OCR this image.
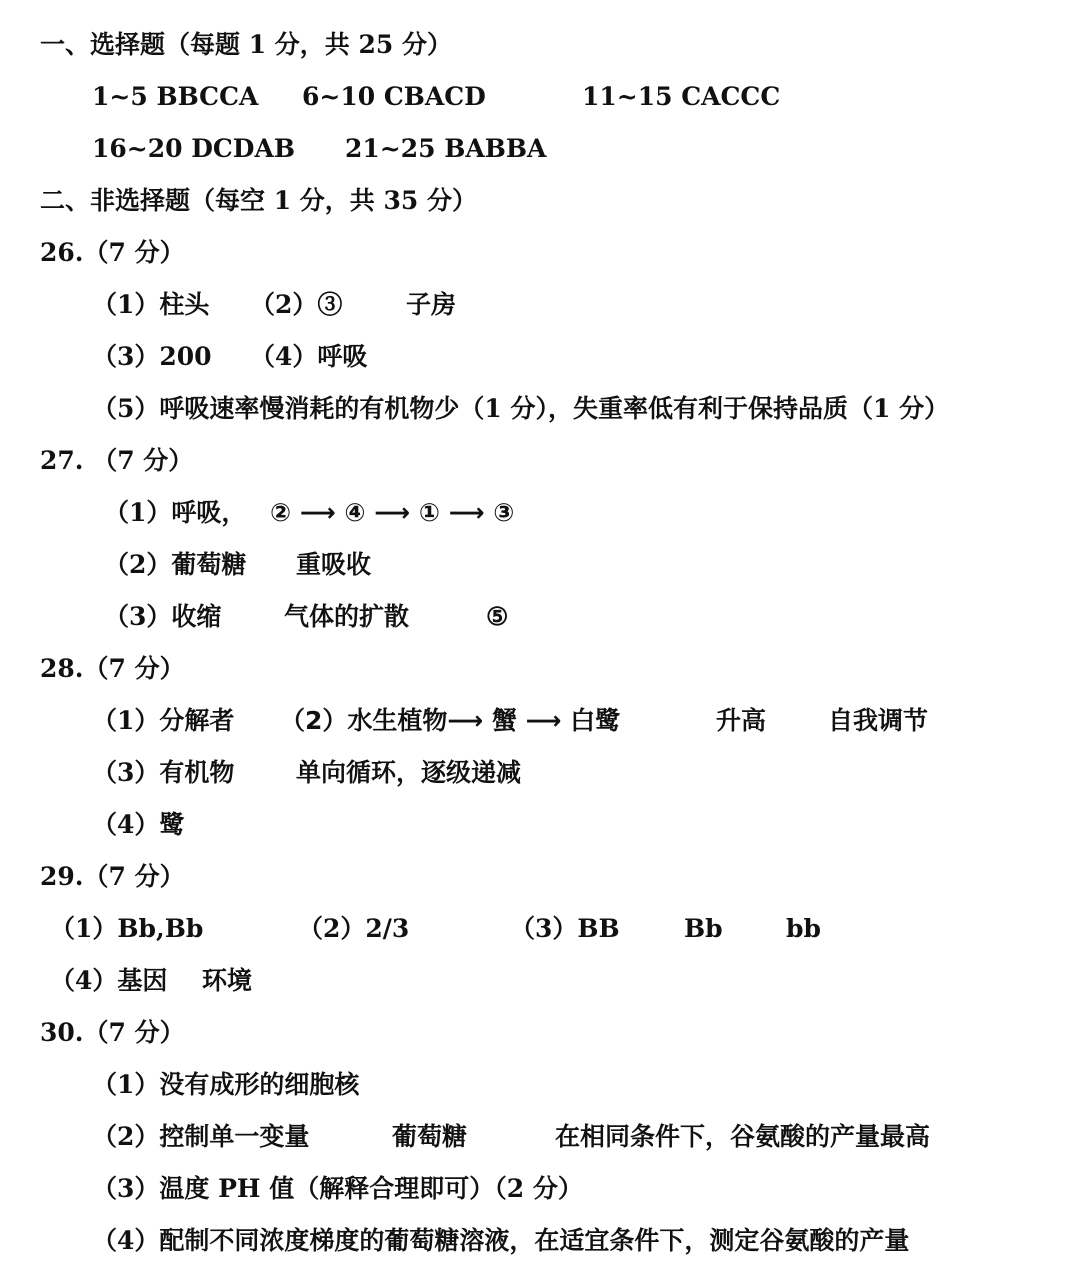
一、选择题（每题 1 分，共 25 分）
1~5 BBCCA 6~10 CBACD	11~15 CACCC
16~20 DCDAB 21~25 BABBA
二、非选择题（每空 1 分，共 35 分）
26.（7 分）
（1）柱头 （2）③	子房
（3）200 （4）呼吸
（5）呼吸速率慢消耗的有机物少（1 分），失重率低有利于保持品质（1 分）
27. （7 分）
（1）呼吸， ② ⟶ ④ ⟶ ① ⟶ ③
（2）葡萄糖 重吸收
（3）收缩	气体的扩散	⑤
28.（7 分）
（1）分解者 （2）水生植物⟶ 蟹 ⟶ 白鹭	升高 自我调节
（3）有机物 单向循环，逐级递减
（4）鹭
29.（7 分）
（1）Bb,Bb	（2）2/3	（3）BB	Bb	bb
（4）基因 环境
30.（7 分）
（1）没有成形的细胞核
（2）控制单一变量	葡萄糖	在相同条件下，谷氨酸的产量最高
（3）温度 PH 值（解释合理即可）（2 分）
（4）配制不同浓度梯度的葡萄糖溶液，在适宜条件下，测定谷氨酸的产量
